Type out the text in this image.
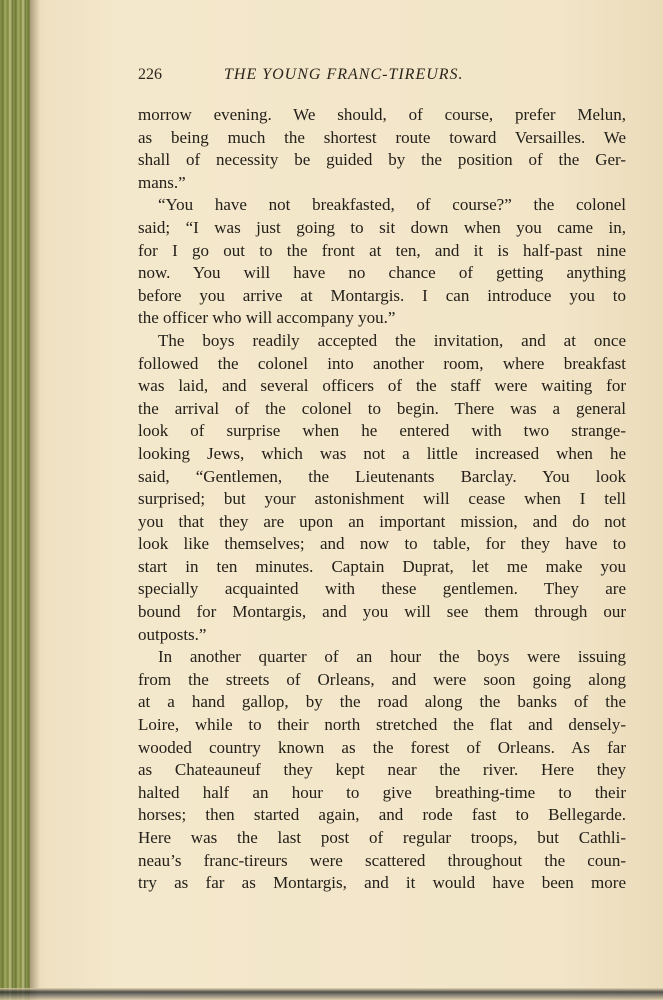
226	THE YOUNG FRANC-TIREURS.
morrow evening. We should, of course, prefer Melun,
as being much the shortest route toward Versailles. We
shall of necessity be guided by the position of the Ger-
mans.”
“You have not breakfasted, of course?” the colonel
said; “I was just going to sit down when you came in,
for I go out to the front at ten, and it is half-past nine
now. You will have no chance of getting anything
before you arrive at Montargis. I can introduce you to
the officer who will accompany you.”
The boys readily accepted the invitation, and at once
followed the colonel into another room, where breakfast
was laid, and several officers of the staff were waiting for
the arrival of the colonel to begin. There was a general
look of surprise when he entered with two strange-
looking Jews, which was not a little increased when he
said, “Gentlemen, the Lieutenants Barclay. You look
surprised; but your astonishment will cease when I tell
you that they are upon an important mission, and do not
look like themselves; and now to table, for they have to
start in ten minutes. Captain Duprat, let me make you
specially acquainted with these gentlemen. They are
bound for Montargis, and you will see them through our
outposts.”
In another quarter of an hour the boys were issuing
from the streets of Orleans, and were soon going along
at a hand gallop, by the road along the banks of the
Loire, while to their north stretched the flat and densely-
wooded country known as the forest of Orleans. As far
as Chateauneuf they kept near the river. Here they
halted half an hour to give breathing-time to their
horses; then started again, and rode fast to Bellegarde.
Here was the last post of regular troops, but Cathli-
neau’s franc-tireurs were scattered throughout the coun-
try as far as Montargis, and it would have been more
